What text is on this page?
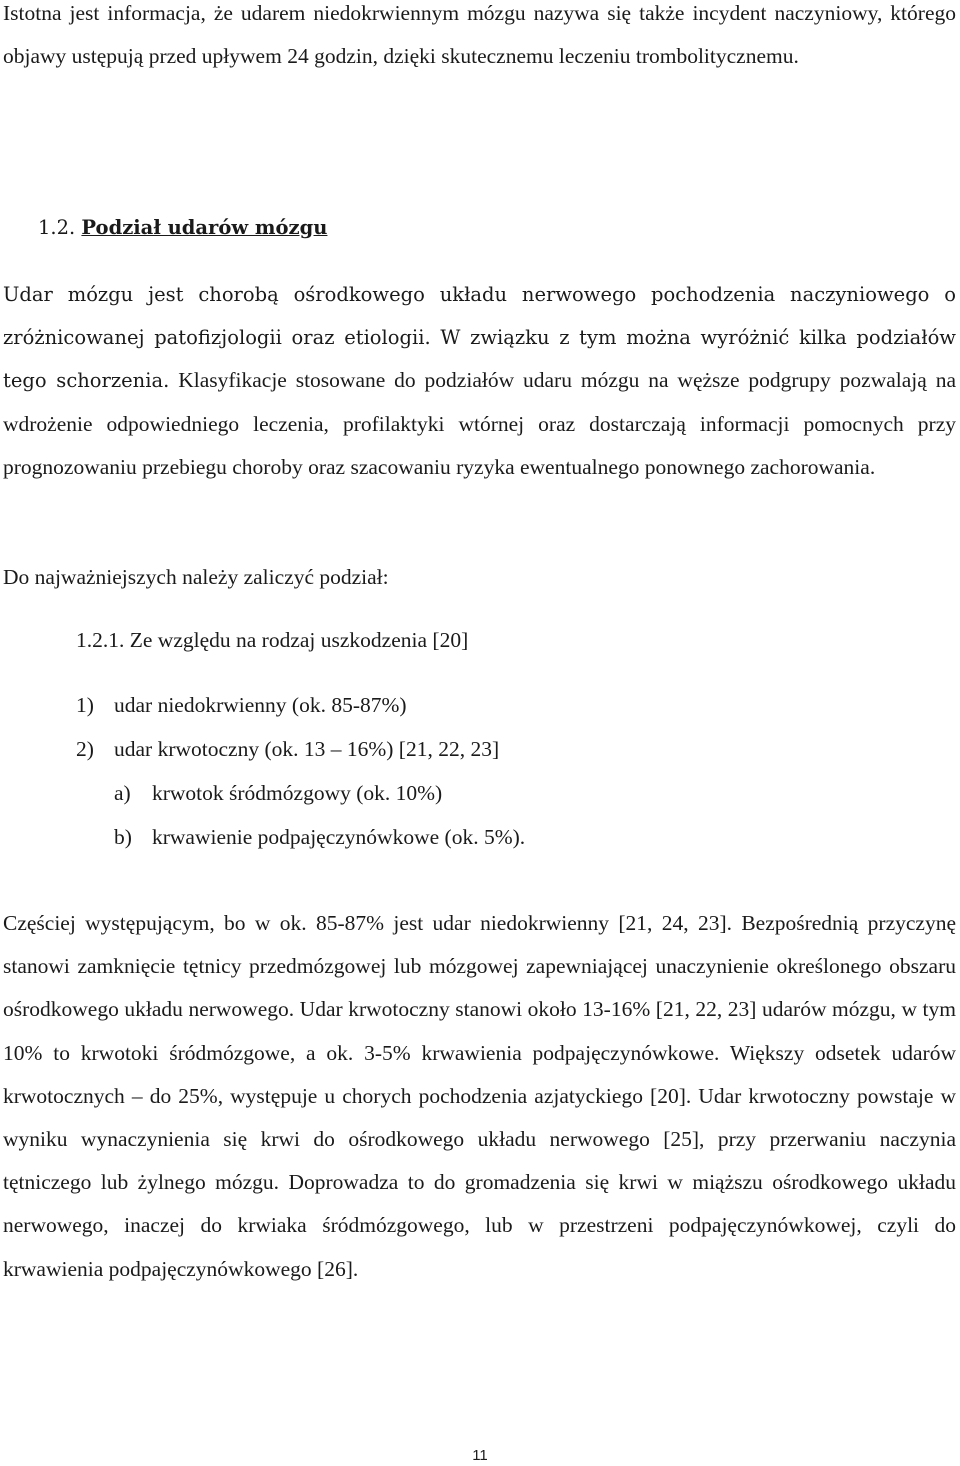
Istotna jest informacja, że udarem niedokrwiennym mózgu nazywa się także incydent naczyniowy, którego objawy ustępują przed upływem 24 godzin, dzięki skutecznemu leczeniu trombolitycznemu.

1.2. Podział udarów mózgu

Udar mózgu jest chorobą ośrodkowego układu nerwowego pochodzenia naczyniowego o zróżnicowanej patofizjologii oraz etiologii. W związku z tym można wyróżnić kilka podziałów tego schorzenia. Klasyfikacje stosowane do podziałów udaru mózgu na węższe podgrupy pozwalają na wdrożenie odpowiedniego leczenia, profilaktyki wtórnej oraz dostarczają informacji pomocnych przy prognozowaniu przebiegu choroby oraz szacowaniu ryzyka ewentualnego ponownego zachorowania.

Do najważniejszych należy zaliczyć podział:
1.2.1. Ze względu na rodzaj uszkodzenia [20]
1) udar niedokrwienny (ok. 85-87%)
2) udar krwotoczny (ok. 13 – 16%) [21, 22, 23]
a) krwotok śródmózgowy (ok. 10%)
b) krwawienie podpajęczynówkowe (ok. 5%).

Częściej występującym, bo w ok. 85-87% jest udar niedokrwienny [21, 24, 23]. Bezpośrednią przyczynę stanowi zamknięcie tętnicy przedmózgowej lub mózgowej zapewniającej unaczynienie określonego obszaru ośrodkowego układu nerwowego. Udar krwotoczny stanowi około 13-16% [21, 22, 23] udarów mózgu, w tym 10% to krwotoki śródmózgowe, a ok. 3-5% krwawienia podpajęczynówkowe. Większy odsetek udarów krwotocznych – do 25%, występuje u chorych pochodzenia azjatyckiego [20]. Udar krwotoczny powstaje w wyniku wynaczynienia się krwi do ośrodkowego układu nerwowego [25], przy przerwaniu naczynia tętniczego lub żylnego mózgu. Doprowadza to do gromadzenia się krwi w miąższu ośrodkowego układu nerwowego, inaczej do krwiaka śródmózgowego, lub w przestrzeni podpajęczynówkowej, czyli do krwawienia podpajęczynówkowego [26].

11
